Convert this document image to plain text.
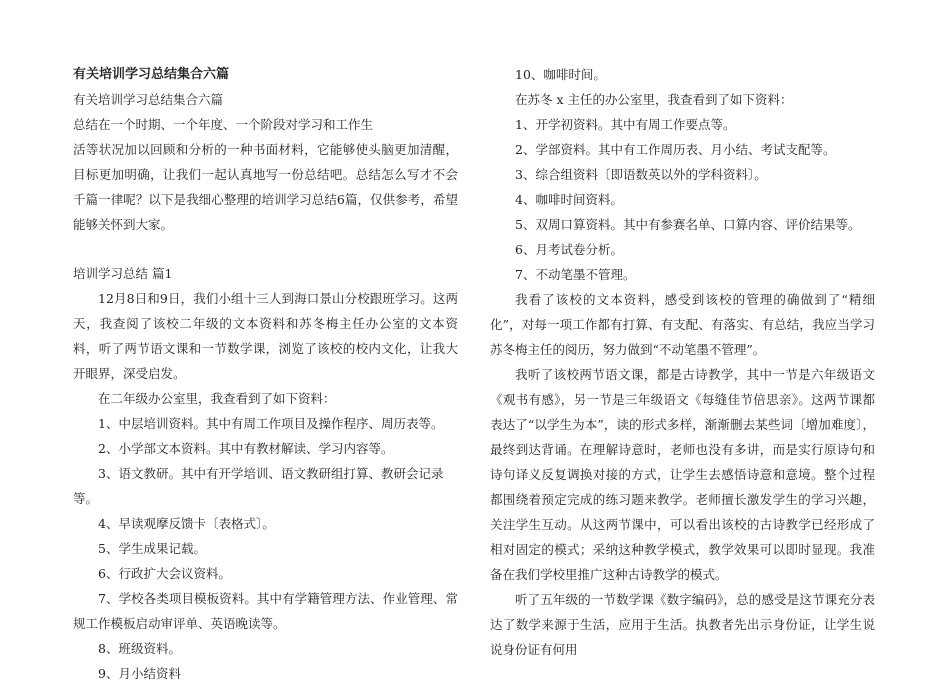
有关培训学习总结集合六篇

有关培训学习总结集合六篇

总结在一个时期、一个年度、一个阶段对学习和工作生

活等状况加以回顾和分析的一种书面材料，它能够使头脑更加清醒，目标更加明确，让我们一起认真地写一份总结吧。总结怎么写才不会千篇一律呢？以下是我细心整理的培训学习总结6篇，仅供参考，希望能够关怀到大家。

培训学习总结 篇1

12月8日和9日，我们小组十三人到海口景山分校跟班学习。这两天，我查阅了该校二年级的文本资料和苏冬梅主任办公室的文本资料，听了两节语文课和一节数学课，浏览了该校的校内文化，让我大开眼界，深受启发。

在二年级办公室里，我查看到了如下资料：

1、中层培训资料。其中有周工作项目及操作程序、周历表等。

2、小学部文本资料。其中有教材解读、学习内容等。

3、语文教研。其中有开学培训、语文教研组打算、教研会记录等。

4、早读观摩反馈卡〔表格式〕。

5、学生成果记载。

6、行政扩大会议资料。

7、学校各类项目模板资料。其中有学籍管理方法、作业管理、常规工作模板启动审评单、英语晚读等。

8、班级资料。

9、月小结资料

10、咖啡时间。

在苏冬 x 主任的办公室里，我查看到了如下资料：

1、开学初资料。其中有周工作要点等。

2、学部资料。其中有工作周历表、月小结、考试支配等。

3、综合组资料〔即语数英以外的学科资料〕。

4、咖啡时间资料。

5、双周口算资料。其中有参赛名单、口算内容、评价结果等。

6、月考试卷分析。

7、不动笔墨不管理。

我看了该校的文本资料，感受到该校的管理的确做到了“精细化”，对每一项工作都有打算、有支配、有落实、有总结，我应当学习苏冬梅主任的阅历，努力做到“不动笔墨不管理”。

我听了该校两节语文课，都是古诗教学，其中一节是六年级语文《观书有感》，另一节是三年级语文《每缝佳节倍思亲》。这两节课都表达了“以学生为本”，读的形式多样，渐渐删去某些词〔增加难度〕，最终到达背诵。在理解诗意时，老师也没有多讲，而是实行原诗句和诗句译义反复调换对接的方式，让学生去感悟诗意和意境。整个过程都围绕着预定完成的练习题来教学。老师擅长激发学生的学习兴趣，关注学生互动。从这两节课中，可以看出该校的古诗教学已经形成了相对固定的模式；采纳这种教学模式，教学效果可以即时显现。我准备在我们学校里推广这种古诗教学的模式。

听了五年级的一节数学课《数字编码》，总的感受是这节课充分表达了数学来源于生活，应用于生活。执教者先出示身份证，让学生说说身份证有何用
